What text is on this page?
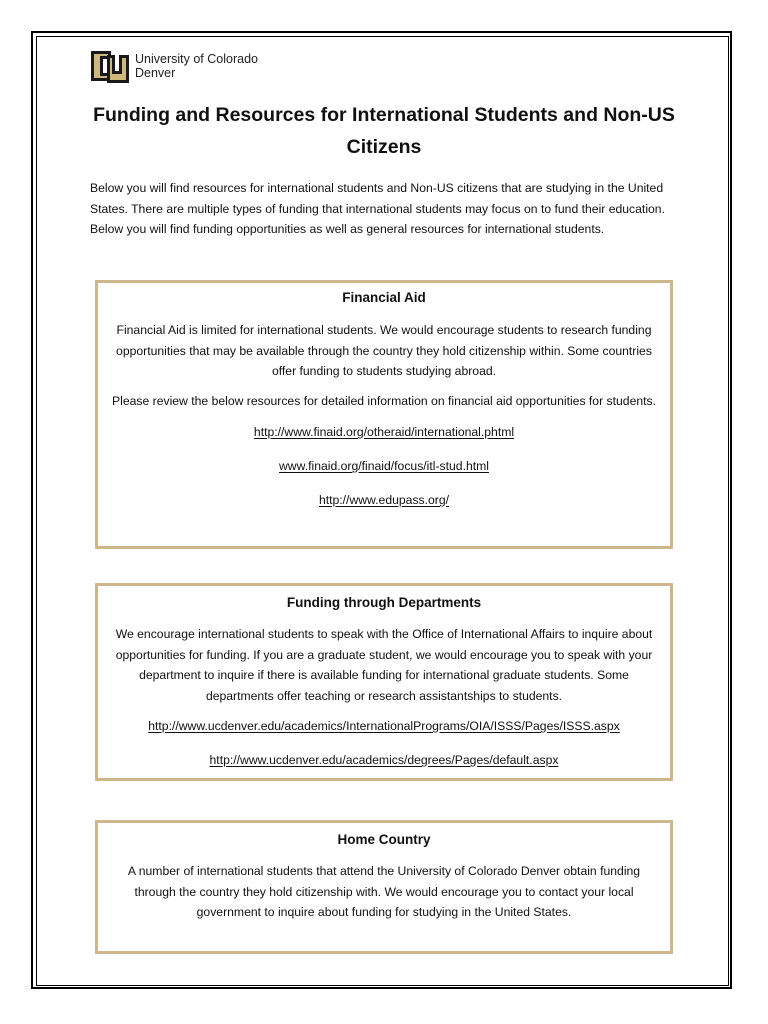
University of Colorado
Denver
Funding and Resources for International Students and Non-US Citizens

Below you will find resources for international students and Non-US citizens that are studying in the United States. There are multiple types of funding that international students may focus on to fund their education. Below you will find funding opportunities as well as general resources for international students.

Financial Aid

Financial Aid is limited for international students. We would encourage students to research funding opportunities that may be available through the country they hold citizenship within. Some countries offer funding to students studying abroad.

Please review the below resources for detailed information on financial aid opportunities for students.

http://www.finaid.org/otheraid/international.phtml
www.finaid.org/finaid/focus/itl-stud.html
http://www.edupass.org/

Funding through Departments

We encourage international students to speak with the Office of International Affairs to inquire about opportunities for funding. If you are a graduate student, we would encourage you to speak with your department to inquire if there is available funding for international graduate students. Some departments offer teaching or research assistantships to students.

http://www.ucdenver.edu/academics/InternationalPrograms/OIA/ISSS/Pages/ISSS.aspx
http://www.ucdenver.edu/academics/degrees/Pages/default.aspx

Home Country

A number of international students that attend the University of Colorado Denver obtain funding through the country they hold citizenship with. We would encourage you to contact your local government to inquire about funding for studying in the United States.
